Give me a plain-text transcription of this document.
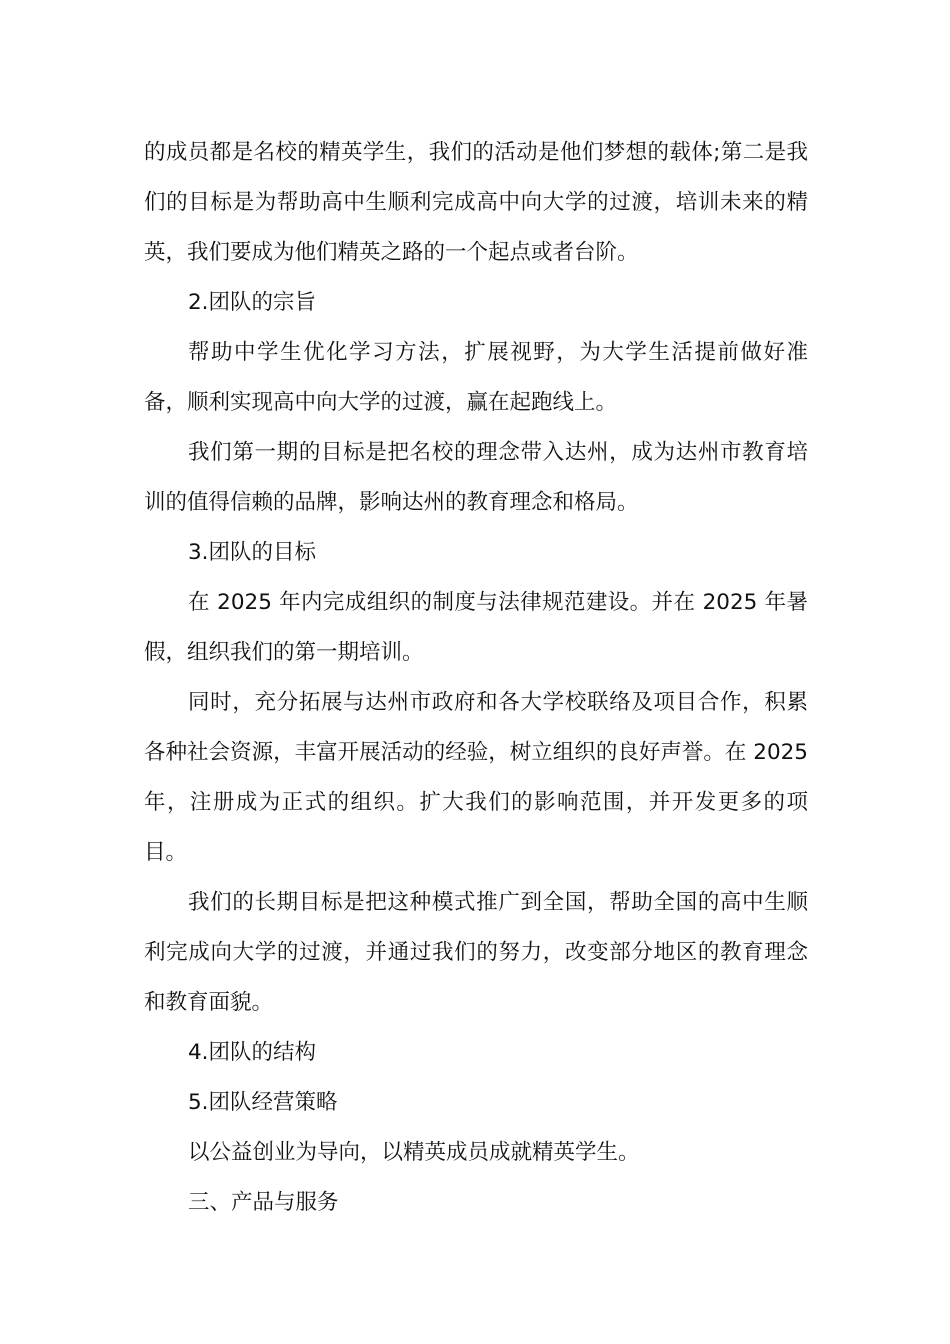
的成员都是名校的精英学生，我们的活动是他们梦想的载体;第二是我们的目标是为帮助高中生顺利完成高中向大学的过渡，培训未来的精英，我们要成为他们精英之路的一个起点或者台阶。

2.团队的宗旨

帮助中学生优化学习方法，扩展视野，为大学生活提前做好准备，顺利实现高中向大学的过渡，赢在起跑线上。

我们第一期的目标是把名校的理念带入达州，成为达州市教育培训的值得信赖的品牌，影响达州的教育理念和格局。

3.团队的目标

在 2025 年内完成组织的制度与法律规范建设。并在 2025 年暑假，组织我们的第一期培训。

同时，充分拓展与达州市政府和各大学校联络及项目合作，积累各种社会资源，丰富开展活动的经验，树立组织的良好声誉。在 2025 年，注册成为正式的组织。扩大我们的影响范围，并开发更多的项目。

我们的长期目标是把这种模式推广到全国，帮助全国的高中生顺利完成向大学的过渡，并通过我们的努力，改变部分地区的教育理念和教育面貌。

4.团队的结构

5.团队经营策略

以公益创业为导向，以精英成员成就精英学生。

三、产品与服务
